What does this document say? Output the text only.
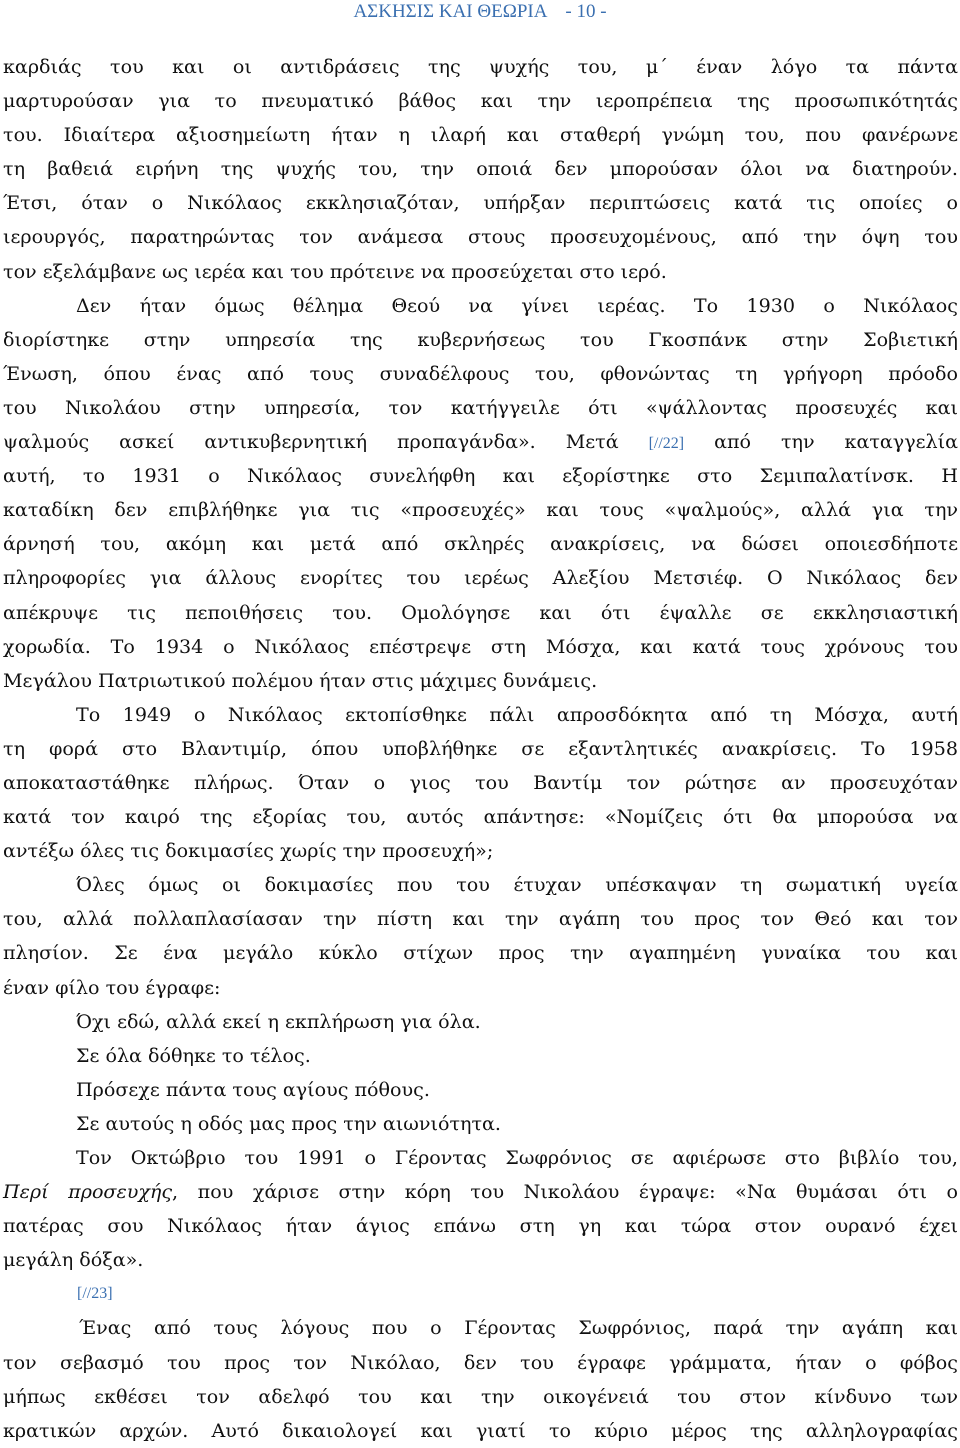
ΑΣΚΗΣΙΣ ΚΑΙ ΘΕΩΡΙΑ - 10 -
καρδιάς του και οι αντιδράσεις της ψυχής του, μ΄ έναν λόγο τα πάντα
μαρτυρούσαν για το πνευματικό βάθος και την ιεροπρέπεια της προσωπικότητάς
του. Ιδιαίτερα αξιοσημείωτη ήταν η ιλαρή και σταθερή γνώμη του, που φανέρωνε
τη βαθειά ειρήνη της ψυχής του, την οποιά δεν μπορούσαν όλοι να διατηρούν.
Έτσι, όταν ο Νικόλαος εκκλησιαζόταν, υπήρξαν περιπτώσεις κατά τις οποίες ο
ιερουργός, παρατηρώντας τον ανάμεσα στους προσευχομένους, από την όψη του
τον εξελάμβανε ως ιερέα και του πρότεινε να προσεύχεται στο ιερό.
Δεν ήταν όμως θέλημα Θεού να γίνει ιερέας. Το 1930 ο Νικόλαος
διορίστηκε στην υπηρεσία της κυβερνήσεως του Γκοσπάνκ στην Σοβιετική
Ένωση, όπου ένας από τους συναδέλφους του, φθονώντας τη γρήγορη πρόοδο
του Νικολάου στην υπηρεσία, τον κατήγγειλε ότι «ψάλλοντας προσευχές και
ψαλμούς ασκεί αντικυβερνητική προπαγάνδα». Μετά [//22] από την καταγγελία
αυτή, το 1931 ο Νικόλαος συνελήφθη και εξορίστηκε στο Σεμιπαλατίνσκ. Η
καταδίκη δεν επιβλήθηκε για τις «προσευχές» και τους «ψαλμούς», αλλά για την
άρνησή του, ακόμη και μετά από σκληρές ανακρίσεις, να δώσει οποιεσδήποτε
πληροφορίες για άλλους ενορίτες του ιερέως Αλεξίου Μετσιέφ. Ο Νικόλαος δεν
απέκρυψε τις πεποιθήσεις του. Ομολόγησε και ότι έψαλλε σε εκκλησιαστική
χορωδία. Το 1934 ο Νικόλαος επέστρεψε στη Μόσχα, και κατά τους χρόνους του
Μεγάλου Πατριωτικού πολέμου ήταν στις μάχιμες δυνάμεις.
Το 1949 ο Νικόλαος εκτοπίσθηκε πάλι απροσδόκητα από τη Μόσχα, αυτή
τη φορά στο Βλαντιμίρ, όπου υποβλήθηκε σε εξαντλητικές ανακρίσεις. Το 1958
αποκαταστάθηκε πλήρως. Όταν ο γιος του Βαντίμ τον ρώτησε αν προσευχόταν
κατά τον καιρό της εξορίας του, αυτός απάντησε: «Νομίζεις ότι θα μπορούσα να
αντέξω όλες τις δοκιμασίες χωρίς την προσευχή»;
Όλες όμως οι δοκιμασίες που του έτυχαν υπέσκαψαν τη σωματική υγεία
του, αλλά πολλαπλασίασαν την πίστη και την αγάπη του προς τον Θεό και τον
πλησίον. Σε ένα μεγάλο κύκλο στίχων προς την αγαπημένη γυναίκα του και
έναν φίλο του έγραφε:
Όχι εδώ, αλλά εκεί η εκπλήρωση για όλα.
Σε όλα δόθηκε το τέλος.
Πρόσεχε πάντα τους αγίους πόθους.
Σε αυτούς η οδός μας προς την αιωνιότητα.
Τον Οκτώβριο του 1991 ο Γέροντας Σωφρόνιος σε αφιέρωσε στο βιβλίο του,
Περί προσευχής, που χάρισε στην κόρη του Νικολάου έγραψε: «Να θυμάσαι ότι ο
πατέρας σου Νικόλαος ήταν άγιος επάνω στη γη και τώρα στον ουρανό έχει
μεγάλη δόξα».
[//23]
Ένας από τους λόγους που ο Γέροντας Σωφρόνιος, παρά την αγάπη και
τον σεβασμό του προς τον Νικόλαο, δεν του έγραφε γράμματα, ήταν ο φόβος
μήπως εκθέσει τον αδελφό του και την οικογένειά του στον κίνδυνο των
κρατικών αρχών. Αυτό δικαιολογεί και γιατί το κύριο μέρος της αλληλογραφίας
